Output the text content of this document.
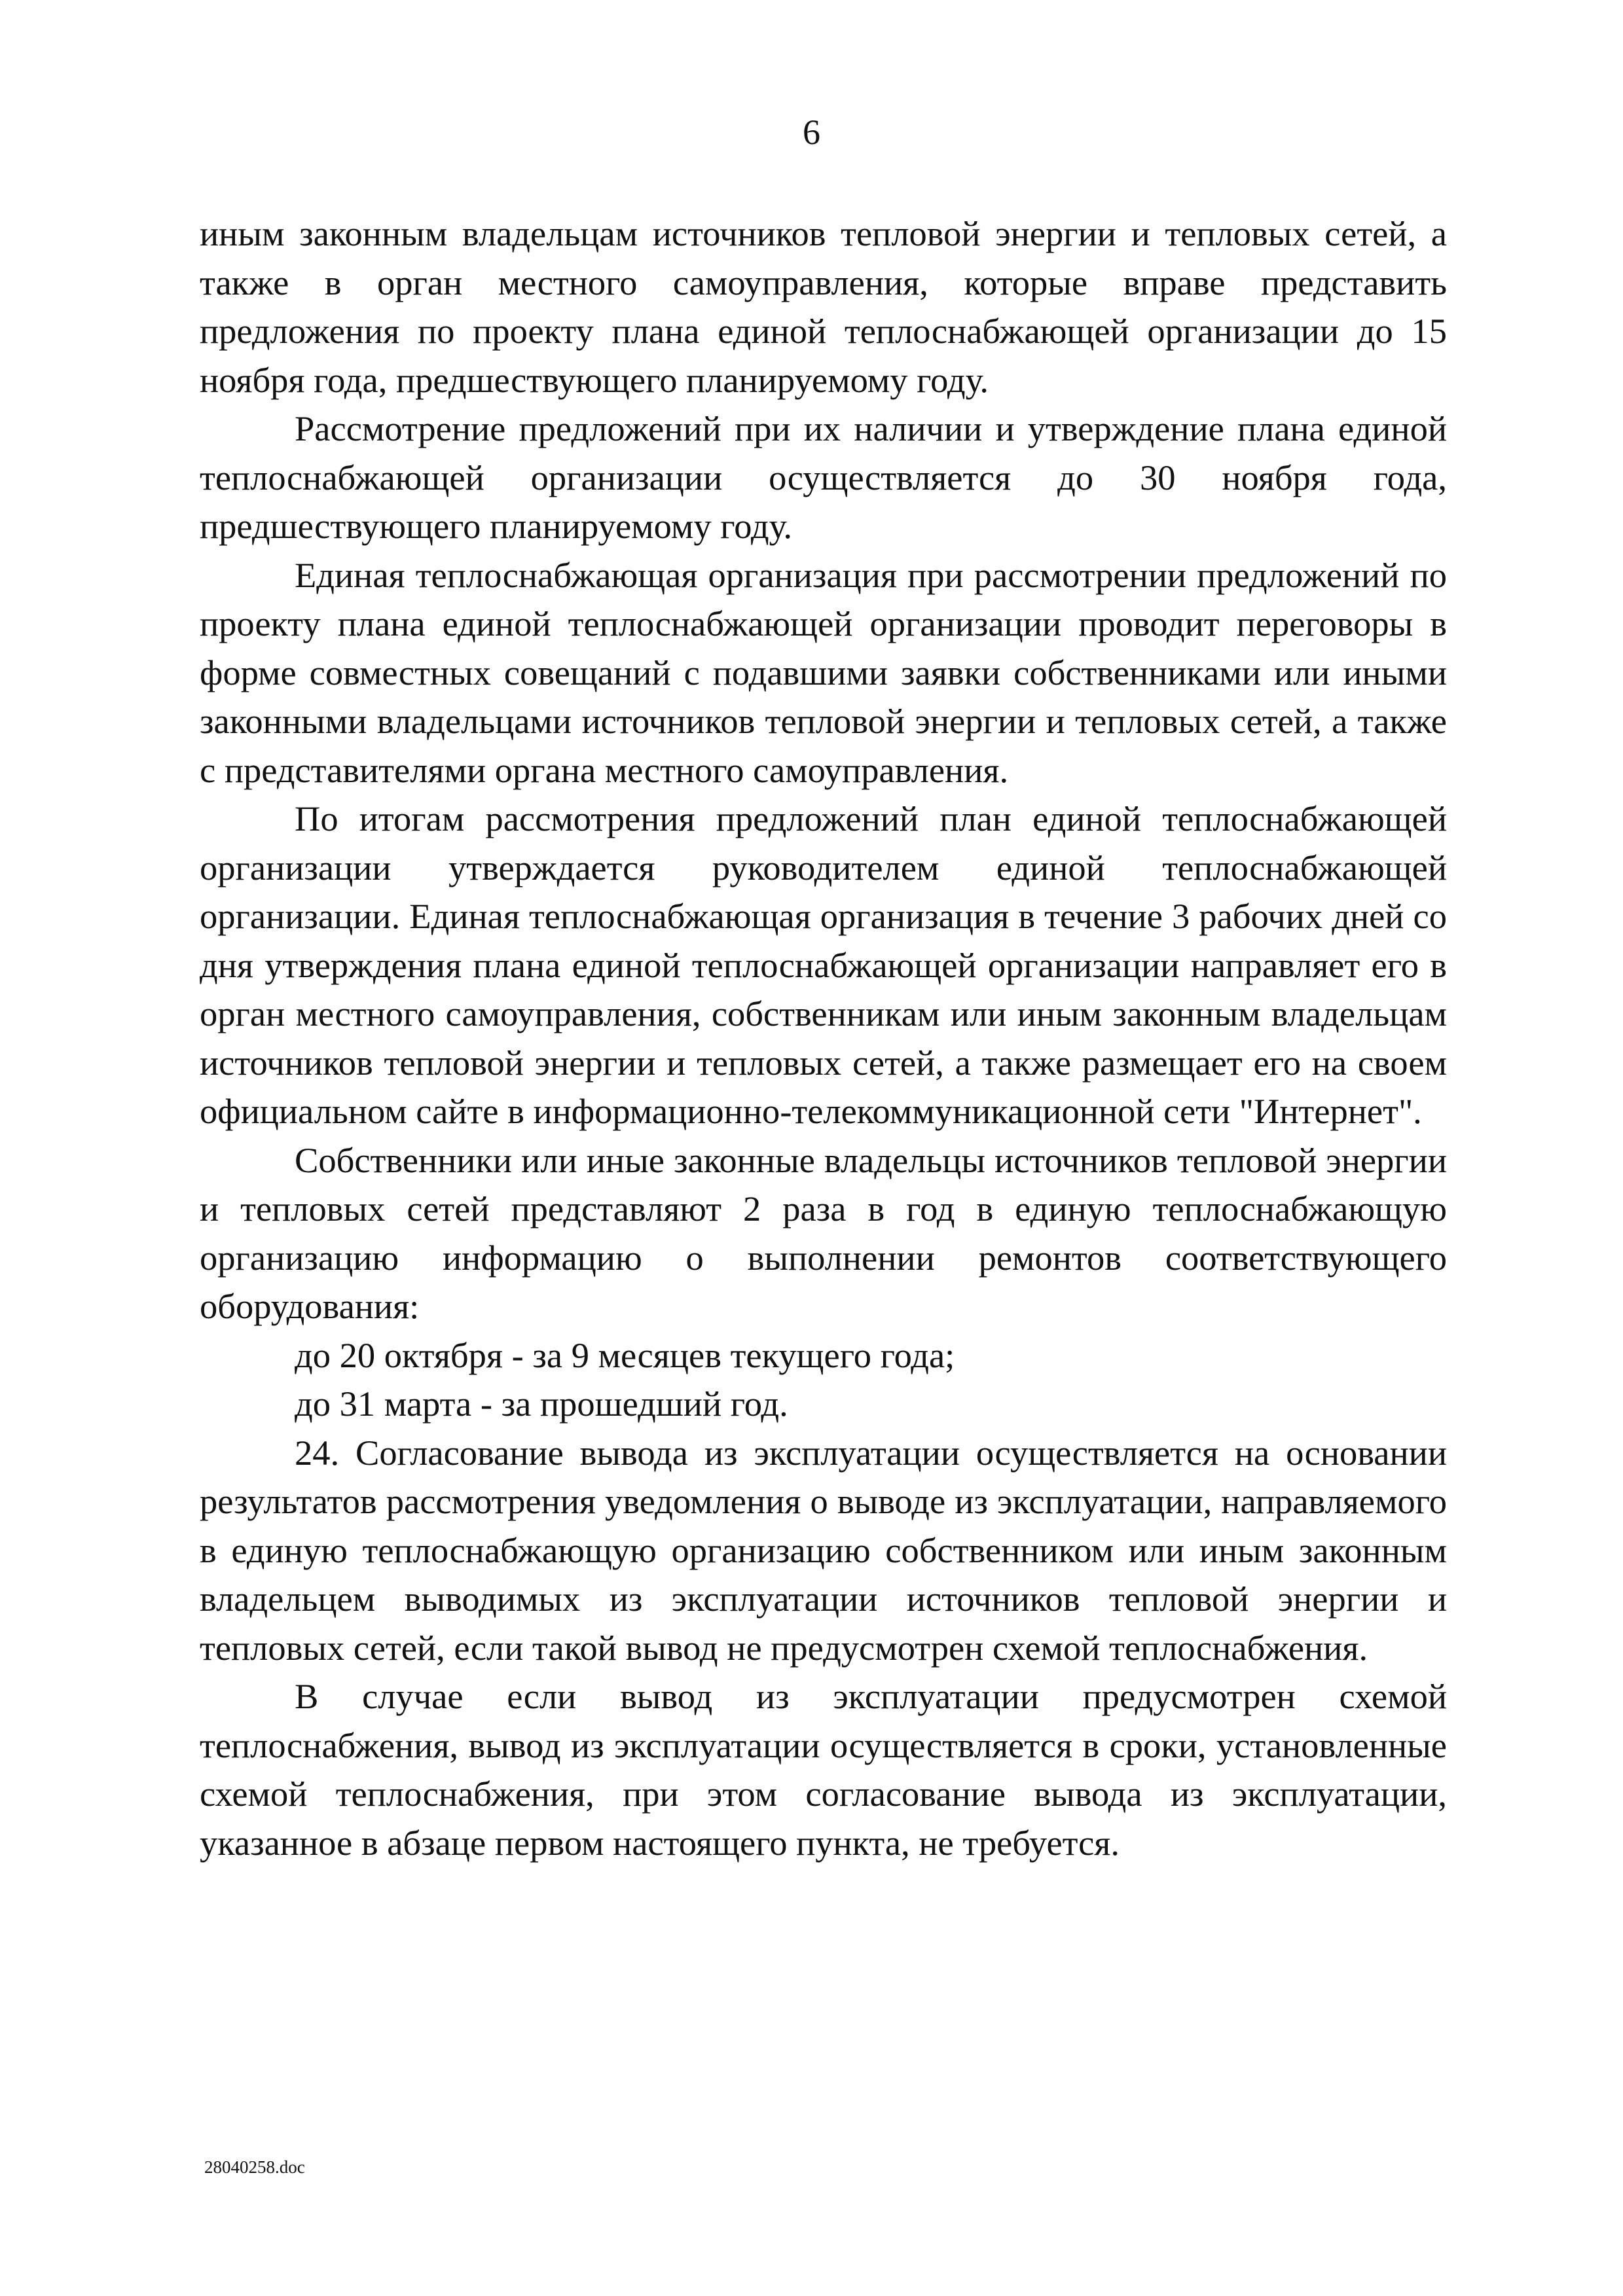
6

иным законным владельцам источников тепловой энергии и тепловых сетей, а также в орган местного самоуправления, которые вправе представить предложения по проекту плана единой теплоснабжающей организации до 15 ноября года, предшествующего планируемому году.

Рассмотрение предложений при их наличии и утверждение плана единой теплоснабжающей организации осуществляется до 30 ноября года, предшествующего планируемому году.

Единая теплоснабжающая организация при рассмотрении предложений по проекту плана единой теплоснабжающей организации проводит переговоры в форме совместных совещаний с подавшими заявки собственниками или иными законными владельцами источников тепловой энергии и тепловых сетей, а также с представителями органа местного самоуправления.

По итогам рассмотрения предложений план единой теплоснабжающей организации утверждается руководителем единой теплоснабжающей организации. Единая теплоснабжающая организация в течение 3 рабочих дней со дня утверждения плана единой теплоснабжающей организации направляет его в орган местного самоуправления, собственникам или иным законным владельцам источников тепловой энергии и тепловых сетей, а также размещает его на своем официальном сайте в информационно-телекоммуникационной сети "Интернет".

Собственники или иные законные владельцы источников тепловой энергии и тепловых сетей представляют 2 раза в год в единую теплоснабжающую организацию информацию о выполнении ремонтов соответствующего оборудования:

до 20 октября - за 9 месяцев текущего года;

до 31 марта - за прошедший год.

24. Согласование вывода из эксплуатации осуществляется на основании результатов рассмотрения уведомления о выводе из эксплуатации, направляемого в единую теплоснабжающую организацию собственником или иным законным владельцем выводимых из эксплуатации источников тепловой энергии и тепловых сетей, если такой вывод не предусмотрен схемой теплоснабжения.

В случае если вывод из эксплуатации предусмотрен схемой теплоснабжения, вывод из эксплуатации осуществляется в сроки, установленные схемой теплоснабжения, при этом согласование вывода из эксплуатации, указанное в абзаце первом настоящего пункта, не требуется.

28040258.doc
